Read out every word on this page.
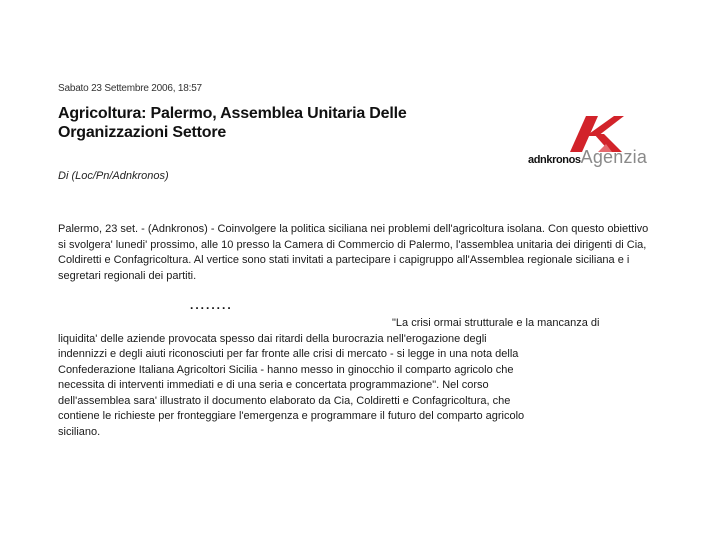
Sabato 23 Settembre 2006, 18:57
Agricoltura: Palermo, Assemblea Unitaria Delle Organizzazioni Settore
Di (Loc/Pn/Adnkronos)
adnkronosAgenzia
Palermo, 23 set. - (Adnkronos) - Coinvolgere la politica siciliana nei problemi dell'agricoltura isolana. Con questo obiettivo si svolgera' lunedi' prossimo, alle 10 presso la Camera di Commercio di Palermo, l'assemblea unitaria dei dirigenti di Cia, Coldiretti e Confagricoltura. Al vertice sono stati invitati a partecipare i capigruppo all'Assemblea regionale siciliana e i segretari regionali dei partiti.
........
"La crisi ormai strutturale e la mancanza di
liquidita' delle aziende provocata spesso dai ritardi della burocrazia nell'erogazione degli
indennizzi e degli aiuti riconosciuti per far fronte alle crisi di mercato - si legge in una nota della
Confederazione Italiana Agricoltori Sicilia - hanno messo in ginocchio il comparto agricolo che
necessita di interventi immediati e di una seria e concertata programmazione". Nel corso
dell'assemblea sara' illustrato il documento elaborato da Cia, Coldiretti e Confagricoltura, che
contiene le richieste per fronteggiare l'emergenza e programmare il futuro del comparto agricolo
siciliano.
